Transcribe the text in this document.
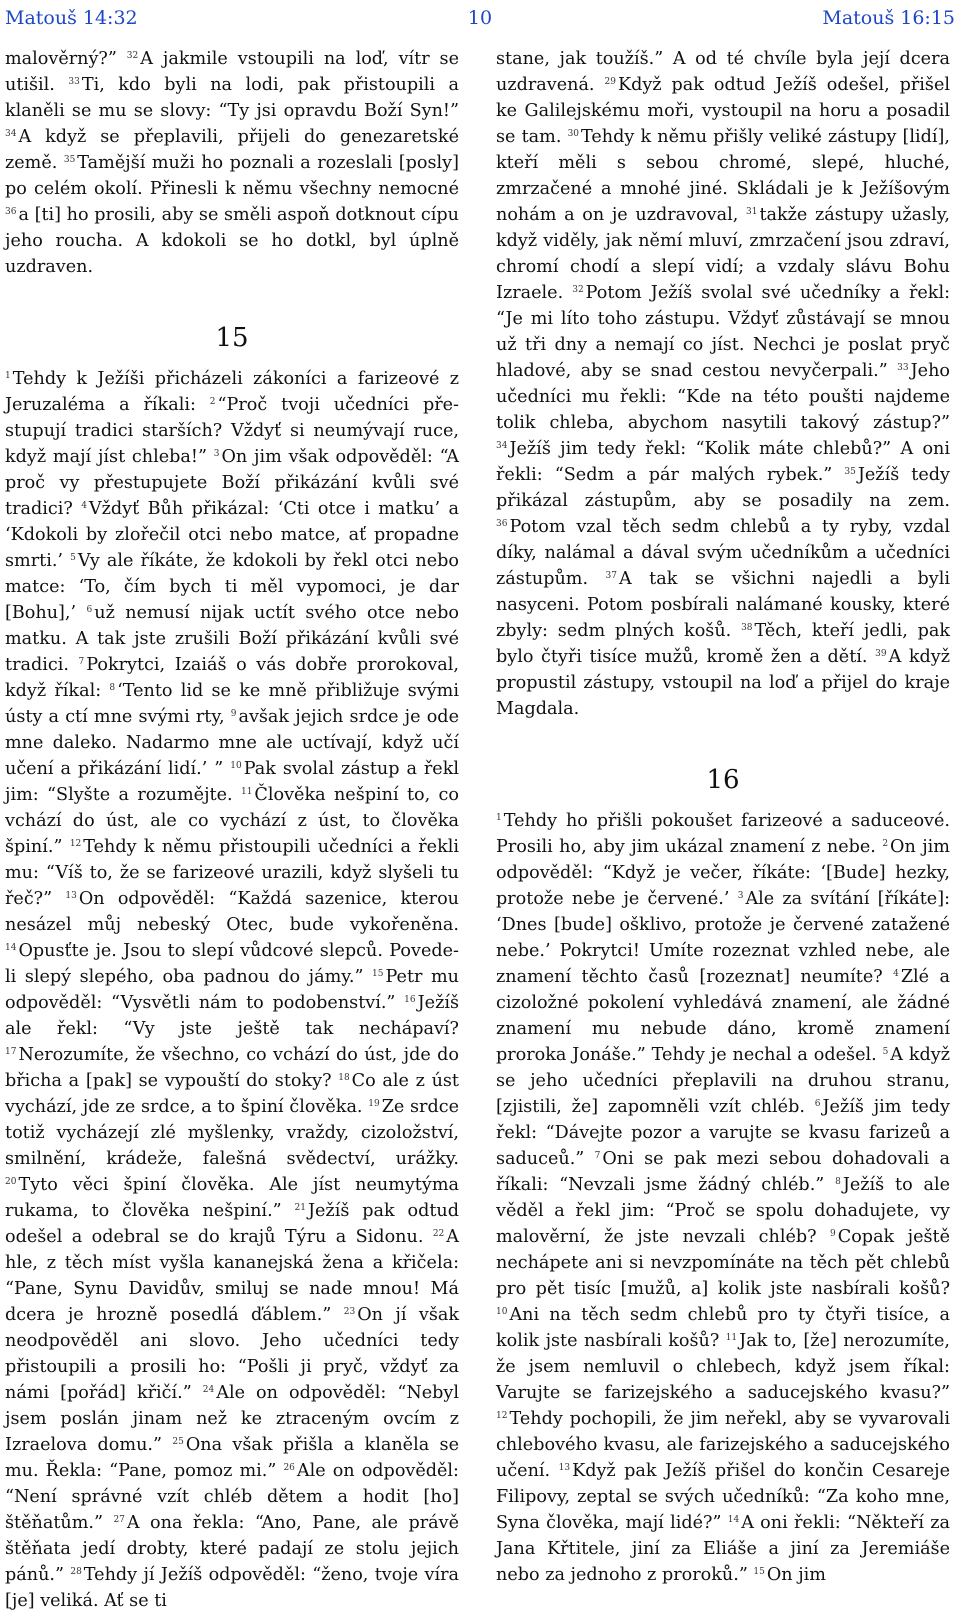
Matouš 14:32	10	Matouš 16:15

malověrný?” $^{32}$ A jakmile vstoupili na loď, vítr se utišil. $^{33}$ Ti, kdo byli na lodi, pak přistoupili a klaněli se mu se slovy: “Ty jsi opravdu Boží Syn!” $^{34}$ A když se přeplavili, přijeli do genezaretské země. $^{35}$ Tamější muži ho poznali a rozeslali [posly] po celém okolí. Přinesli k němu všechny nemocné $^{36}$ a [ti] ho prosili, aby se směli aspoň dotknout cípu jeho roucha. A kdokoli se ho dotkl, byl úplně uzdraven.

15

$^1$ Tehdy k Ježíši přicházeli zákoníci a farizeové z Jeruzaléma a říkali: $^2$ “Proč tvoji učedníci přestupují tradici starších? Vždyť si neumývají ruce, když mají jíst chleba!” $^3$ On jim však odpověděl: “A proč vy přestupujete Boží přikázání kvůli své tradici? $^4$ Vždyť Bůh přikázal: ‘Cti otce i matku’ a ‘Kdokoli by zlořečil otci nebo matce, ať propadne smrti.’ $^5$ Vy ale říkáte, že kdokoli by řekl otci nebo matce: ‘To, čím bych ti měl vypomoci, je dar [Bohu],’ $^6$ už nemusí nijak uctít svého otce nebo matku. A tak jste zrušili Boží přikázání kvůli své tradici. $^7$ Pokrytci, Izaiáš o vás dobře prorokoval, když říkal: $^8$ ‘Tento lid se ke mně přibližuje svými ústy a ctí mne svými rty, $^9$ avšak jejich srdce je ode mne daleko. Nadarmo mne ale uctívají, když učí učení a přikázání lidí.’ ” $^{10}$ Pak svolal zástup a řekl jim: “Slyšte a rozumějte. $^{11}$ Člověka nešpiní to, co vchází do úst, ale co vychází z úst, to člověka špiní.” $^{12}$ Tehdy k němu přistoupili učedníci a řekli mu: “Víš to, že se farizeové urazili, když slyšeli tu řeč?” $^{13}$ On odpověděl: “Každá sazenice, kterou nesázel můj nebeský Otec, bude vykořeněna. $^{14}$ Opusťte je. Jsou to slepí vůdcové slepců. Povede-li slepý slepého, oba padnou do jámy.” $^{15}$ Petr mu odpověděl: “Vysvětli nám to podobenství.” $^{16}$ Ježíš ale řekl: “Vy jste ještě tak nechápaví? $^{17}$ Nerozumíte, že všechno, co vchází do úst, jde do břicha a [pak] se vypouští do stoky? $^{18}$ Co ale z úst vychází, jde ze srdce, a to špiní člověka. $^{19}$ Ze srdce totiž vycházejí zlé myšlenky, vraždy, cizoložství, smilnění, krádeže, falešná svědectví, urážky. $^{20}$ Tyto věci špiní člověka. Ale jíst neumytýma rukama, to člověka nešpiní.” $^{21}$ Ježíš pak odtud odešel a odebral se do krajů Týru a Sidonu. $^{22}$ A hle, z těch míst vyšla kananejská žena a křičela: “Pane, Synu Davidův, smiluj se nade mnou! Má dcera je hrozně posedlá ďáblem.” $^{23}$ On jí však neodpověděl ani slovo. Jeho učedníci tedy přistoupili a prosili ho: “Pošli ji pryč, vždyť za námi [pořád] křičí.” $^{24}$ Ale on odpověděl: “Nebyl jsem poslán jinam než ke ztraceným ovcím z Izraelova domu.” $^{25}$ Ona však přišla a klaněla se mu. Řekla: “Pane, pomoz mi.” $^{26}$ Ale on odpověděl: “Není správné vzít chléb dětem a hodit [ho] štěňatům.” $^{27}$ A ona řekla: “Ano, Pane, ale právě štěňata jedí drobty, které padají ze stolu jejich pánů.” $^{28}$ Tehdy jí Ježíš odpověděl: “ženo, tvoje víra [je] veliká. Ať se ti

stane, jak toužíš.” A od té chvíle byla její dcera uzdravená. $^{29}$ Když pak odtud Ježíš odešel, přišel ke Galilejskému moři, vystoupil na horu a posadil se tam. $^{30}$ Tehdy k němu přišly veliké zástupy [lidí], kteří měli s sebou chromé, slepé, hluché, zmrzačené a mnohé jiné. Skládali je k Ježíšovým nohám a on je uzdravoval, $^{31}$ takže zástupy užasly, když viděly, jak němí mluví, zmrzačení jsou zdraví, chromí chodí a slepí vidí; a vzdaly slávu Bohu Izraele. $^{32}$ Potom Ježíš svolal své učedníky a řekl: “Je mi líto toho zástupu. Vždyť zůstávají se mnou už tři dny a nemají co jíst. Nechci je poslat pryč hladové, aby se snad cestou nevyčerpali.” $^{33}$ Jeho učedníci mu řekli: “Kde na této poušti najdeme tolik chleba, abychom nasytili takový zástup?” $^{34}$ Ježíš jim tedy řekl: “Kolik máte chlebů?” A oni řekli: “Sedm a pár malých rybek.” $^{35}$ Ježíš tedy přikázal zástupům, aby se posadily na zem. $^{36}$ Potom vzal těch sedm chlebů a ty ryby, vzdal díky, nalámal a dával svým učedníkům a učedníci zástupům. $^{37}$ A tak se všichni najedli a byli nasyceni. Potom posbírali nalámané kousky, které zbyly: sedm plných košů. $^{38}$ Těch, kteří jedli, pak bylo čtyři tisíce mužů, kromě žen a dětí. $^{39}$ A když propustil zástupy, vstoupil na loď a přijel do kraje Magdala.

16

$^1$ Tehdy ho přišli pokoušet farizeové a saduceové. Prosili ho, aby jim ukázal znamení z nebe. $^2$ On jim odpověděl: “Když je večer, říkáte: ‘[Bude] hezky, protože nebe je červené.’ $^3$ Ale za svítání [říkáte]: ‘Dnes [bude] ošklivo, protože je červené zatažené nebe.’ Pokrytci! Umíte rozeznat vzhled nebe, ale znamení těchto časů [rozeznat] neumíte? $^4$ Zlé a cizoložné pokolení vyhledává znamení, ale žádné znamení mu nebude dáno, kromě znamení proroka Jonáše.” Tehdy je nechal a odešel. $^5$ A když se jeho učedníci přeplavili na druhou stranu, [zjistili, že] zapomněli vzít chléb. $^6$ Ježíš jim tedy řekl: “Dávejte pozor a varujte se kvasu farizeů a saduceů.” $^7$ Oni se pak mezi sebou dohadovali a říkali: “Nevzali jsme žádný chléb.” $^8$ Ježíš to ale věděl a řekl jim: “Proč se spolu dohadujete, vy malověrní, že jste nevzali chléb? $^9$ Copak ještě nechápete ani si nevzpomínáte na těch pět chlebů pro pět tisíc [mužů, a] kolik jste nasbírali košů? $^{10}$ Ani na těch sedm chlebů pro ty čtyři tisíce, a kolik jste nasbírali košů? $^{11}$ Jak to, [že] nerozumíte, že jsem nemluvil o chlebech, když jsem říkal: Varujte se farizejského a saducejského kvasu?” $^{12}$ Tehdy pochopili, že jim neřekl, aby se vyvarovali chlebového kvasu, ale farizejského a saducejského učení. $^{13}$ Když pak Ježíš přišel do končin Cesareje Filipovy, zeptal se svých učedníků: “Za koho mne, Syna člověka, mají lidé?” $^{14}$ A oni řekli: “Někteří za Jana Křtitele, jiní za Eliáše a jiní za Jeremiáše nebo za jednoho z proroků.” $^{15}$ On jim
